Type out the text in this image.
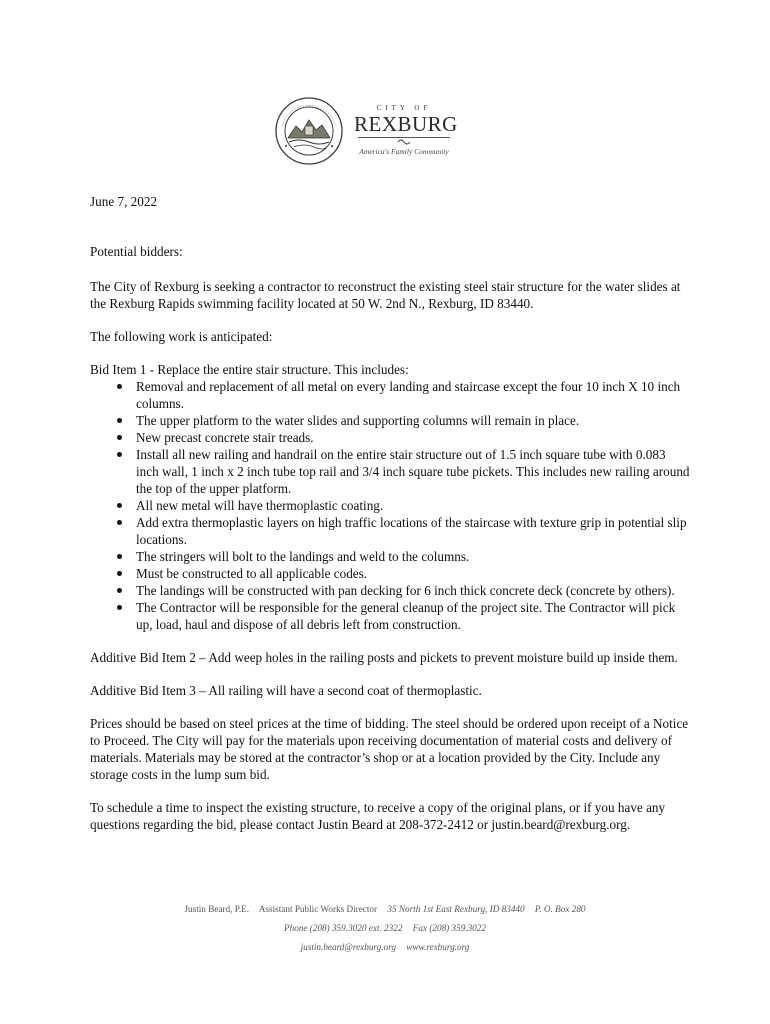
CITY OF
REXBURG
America's Family Community

June 7, 2022

Potential bidders:

The City of Rexburg is seeking a contractor to reconstruct the existing steel stair structure for the water slides at the Rexburg Rapids swimming facility located at 50 W. 2nd N., Rexburg, ID 83440.

The following work is anticipated:

Bid Item 1 - Replace the entire stair structure. This includes:

Removal and replacement of all metal on every landing and staircase except the four 10 inch X 10 inch columns.
The upper platform to the water slides and supporting columns will remain in place.
New precast concrete stair treads.
Install all new railing and handrail on the entire stair structure out of 1.5 inch square tube with 0.083 inch wall, 1 inch x 2 inch tube top rail and 3/4 inch square tube pickets. This includes new railing around the top of the upper platform.
All new metal will have thermoplastic coating.
Add extra thermoplastic layers on high traffic locations of the staircase with texture grip in potential slip locations.
The stringers will bolt to the landings and weld to the columns.
Must be constructed to all applicable codes.
The landings will be constructed with pan decking for 6 inch thick concrete deck (concrete by others).
The Contractor will be responsible for the general cleanup of the project site. The Contractor will pick up, load, haul and dispose of all debris left from construction.

Additive Bid Item 2 – Add weep holes in the railing posts and pickets to prevent moisture build up inside them.

Additive Bid Item 3 – All railing will have a second coat of thermoplastic.

Prices should be based on steel prices at the time of bidding. The steel should be ordered upon receipt of a Notice to Proceed. The City will pay for the materials upon receiving documentation of material costs and delivery of materials. Materials may be stored at the contractor’s shop or at a location provided by the City. Include any storage costs in the lump sum bid.

To schedule a time to inspect the existing structure, to receive a copy of the original plans, or if you have any questions regarding the bid, please contact Justin Beard at 208-372-2412 or justin.beard@rexburg.org.

Justin Beard, P.E. Assistant Public Works Director 35 North 1st East Rexburg, ID 83440 P. O. Box 280
Phone (208) 359.3020 ext. 2322 Fax (208) 359.3022
justin.beard@rexburg.org www.rexburg.org
